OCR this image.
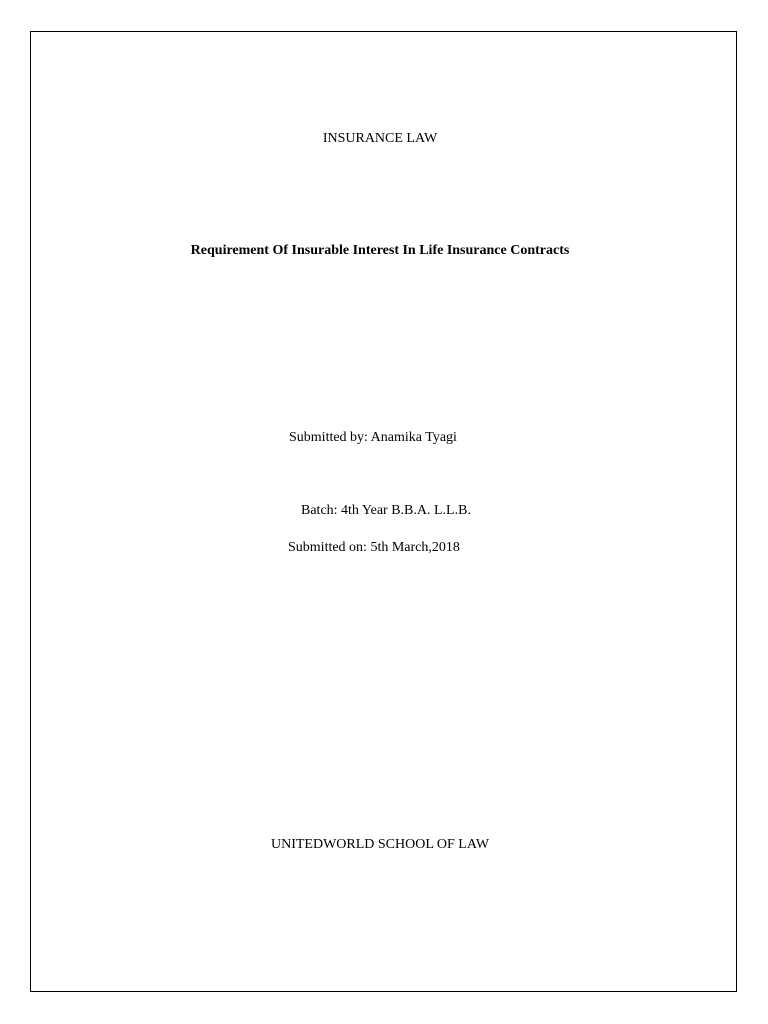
INSURANCE LAW
Requirement Of Insurable Interest In Life Insurance Contracts
Submitted by: Anamika Tyagi
Batch: 4th Year B.B.A. L.L.B.
Submitted on: 5th March,2018
UNITEDWORLD SCHOOL OF LAW
